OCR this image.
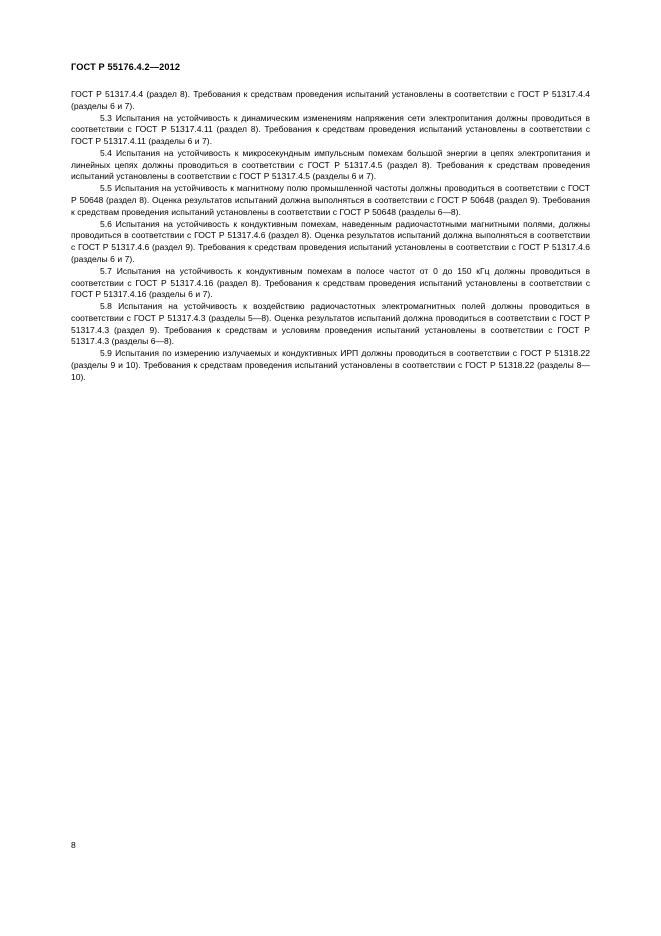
ГОСТ Р 55176.4.2—2012

ГОСТ Р 51317.4.4 (раздел 8). Требования к средствам проведения испытаний установлены в соответствии с ГОСТ Р 51317.4.4 (разделы 6 и 7).

5.3 Испытания на устойчивость к динамическим изменениям напряжения сети электропитания должны проводиться в соответствии с ГОСТ Р 51317.4.11 (раздел 8). Требования к средствам проведения испытаний установлены в соответствии с ГОСТ Р 51317.4.11 (разделы 6 и 7).

5.4 Испытания на устойчивость к микросекундным импульсным помехам большой энергии в цепях электропитания и линейных цепях должны проводиться в соответствии с ГОСТ Р 51317.4.5 (раздел 8). Требования к средствам проведения испытаний установлены в соответствии с ГОСТ Р 51317.4.5 (разделы 6 и 7).

5.5 Испытания на устойчивость к магнитному полю промышленной частоты должны проводиться в соответствии с ГОСТ Р 50648 (раздел 8). Оценка результатов испытаний должна выполняться в соответствии с ГОСТ Р 50648 (раздел 9). Требования к средствам проведения испытаний установлены в соответствии с ГОСТ Р 50648 (разделы 6—8).

5.6 Испытания на устойчивость к кондуктивным помехам, наведенным радиочастотными магнитными полями, должны проводиться в соответствии с ГОСТ Р 51317.4.6 (раздел 8). Оценка результатов испытаний должна выполняться в соответствии с ГОСТ Р 51317.4.6 (раздел 9). Требования к средствам проведения испытаний установлены в соответствии с ГОСТ Р 51317.4.6 (разделы 6 и 7).

5.7 Испытания на устойчивость к кондуктивным помехам в полосе частот от 0 до 150 кГц должны проводиться в соответствии с ГОСТ Р 51317.4.16 (раздел 8). Требования к средствам проведения испытаний установлены в соответствии с ГОСТ Р 51317.4.16 (разделы 6 и 7).

5.8 Испытания на устойчивость к воздействию радиочастотных электромагнитных полей должны проводиться в соответствии с ГОСТ Р 51317.4.3 (разделы 5—8). Оценка результатов испытаний должна проводиться в соответствии с ГОСТ Р 51317.4.3 (раздел 9). Требования к средствам и условиям проведения испытаний установлены в соответствии с ГОСТ Р 51317.4.3 (разделы 6—8).

5.9 Испытания по измерению излучаемых и кондуктивных ИРП должны проводиться в соответствии с ГОСТ Р 51318.22 (разделы 9 и 10). Требования к средствам проведения испытаний установлены в соответствии с ГОСТ Р 51318.22 (разделы 8—10).

8
